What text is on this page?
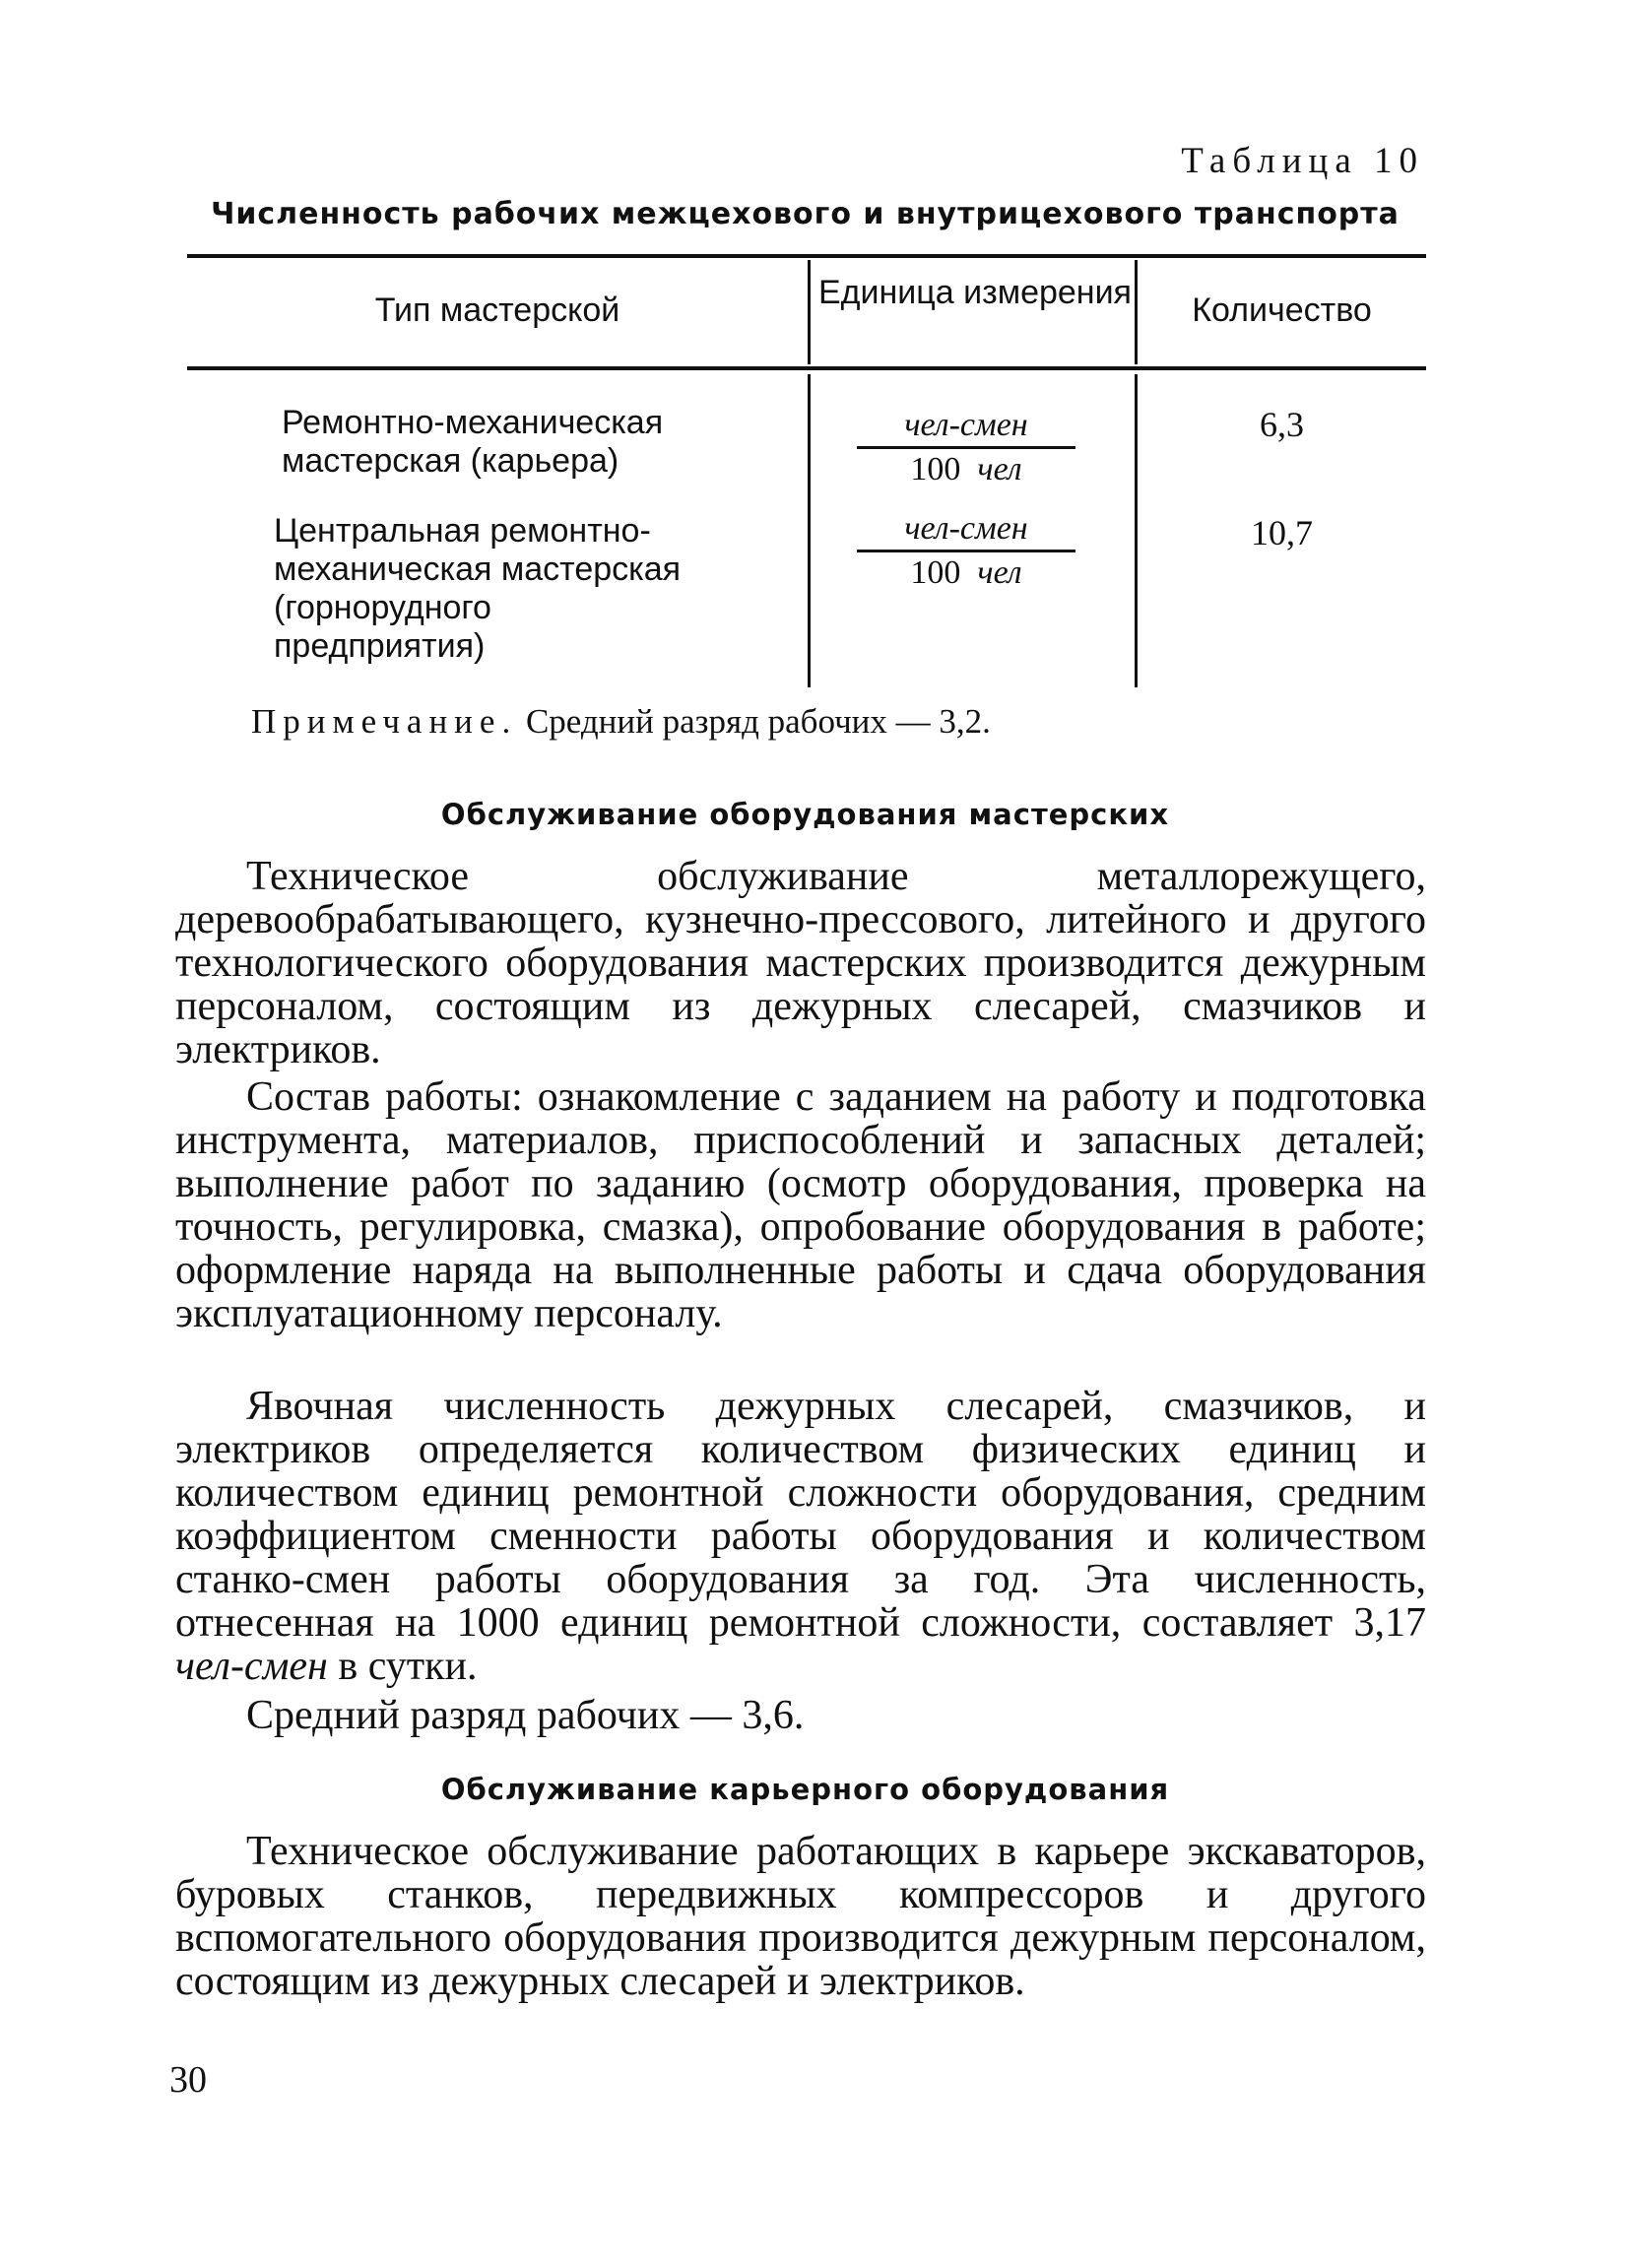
Таблица 10
Численность рабочих межцехового и внутрицехового транспорта
Тип мастерской	Единица измерения	Количество
Ремонтно-механическая мастерская (карьера)
чел-смен
100 чел
6,3
Центральная ремонтно-механическая мастерская (горнорудного предприятия)
чел-смен
100 чел
10,7
Примечание. Средний разряд рабочих — 3,2.
Обслуживание оборудования мастерских

Техническое обслуживание металлорежущего, деревообрабатывающего, кузнечно-прессового, литейного и другого технологического оборудования мастерских производится дежурным персоналом, состоящим из дежурных слесарей, смазчиков и электриков.

Состав работы: ознакомление с заданием на работу и подготовка инструмента, материалов, приспособлений и запасных деталей; выполнение работ по заданию (осмотр оборудования, проверка на точность, регулировка, смазка), опробование оборудования в работе; оформление наряда на выполненные работы и сдача оборудования эксплуатационному персоналу.

Явочная численность дежурных слесарей, смазчиков, и электриков определяется количеством физических единиц и количеством единиц ремонтной сложности оборудования, средним коэффициентом сменности работы оборудования и количеством станко-смен работы оборудования за год. Эта численность, отнесенная на 1000 единиц ремонтной сложности, составляет 3,17 чел-смен в сутки.

Средний разряд рабочих — 3,6.

Обслуживание карьерного оборудования

Техническое обслуживание работающих в карьере экскаваторов, буровых станков, передвижных компрессоров и другого вспомогательного оборудования производится дежурным персоналом, состоящим из дежурных слесарей и электриков.

30
